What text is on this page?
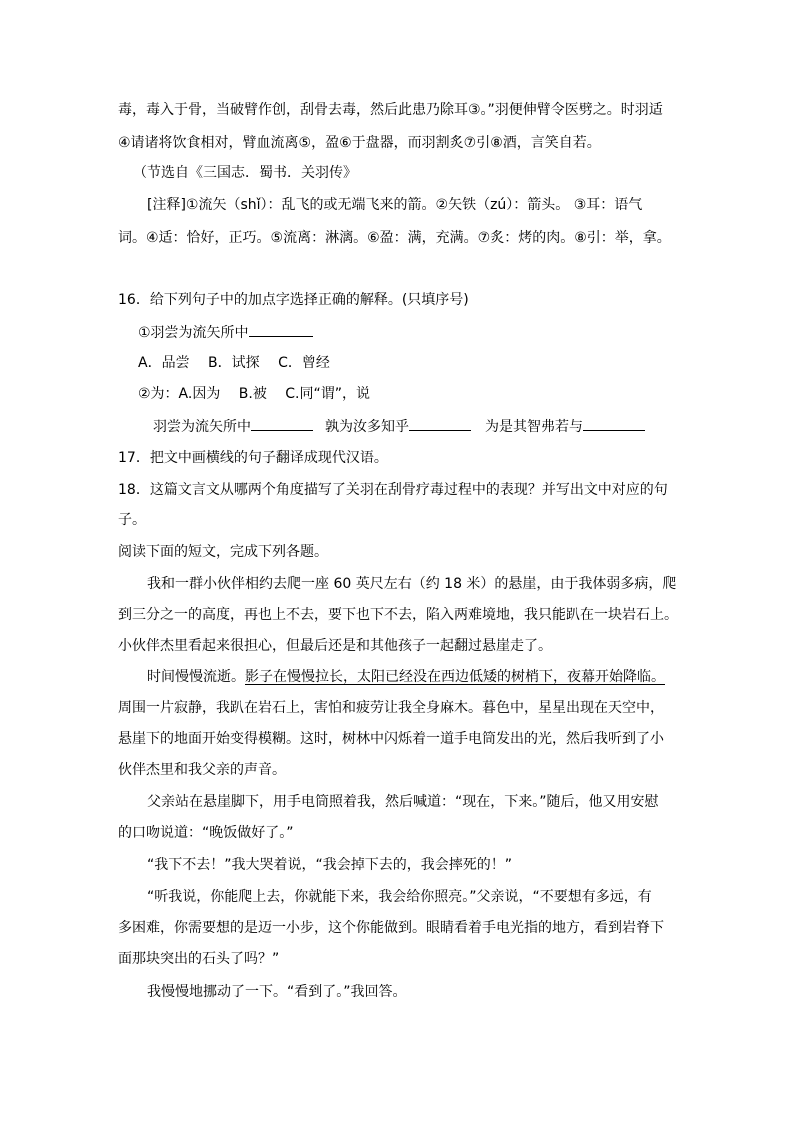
毒，毒入于骨，当破臂作创，刮骨去毒，然后此患乃除耳③。”羽便伸臂令医劈之。时羽适
④请诸将饮食相对，臂血流离⑤，盈⑥于盘器，而羽割炙⑦引⑧酒，言笑自若。
（节选自《三国志．蜀书．关羽传》
[注释]①流矢（shǐ）：乱飞的或无端飞来的箭。②矢铁（zú）：箭头。 ③耳：语气
词。④适：恰好，正巧。⑤流离：淋漓。⑥盈：满，充满。⑦炙：烤的肉。⑧引：举，拿。
16．给下列句子中的加点字选择正确的解释。(只填序号)
①羽尝为流矢所中
A．品尝　 B．试探　 C．曾经
②为：A.因为　 B.被　 C.同“谓”，说
羽尝为流矢所中	孰为汝多知乎	为是其智弗若与
17．把文中画横线的句子翻译成现代汉语。
18．这篇文言文从哪两个角度描写了关羽在刮骨疗毒过程中的表现？并写出文中对应的句
子。
阅读下面的短文，完成下列各题。
我和一群小伙伴相约去爬一座 60 英尺左右（约 18 米）的悬崖，由于我体弱多病，爬
到三分之一的高度，再也上不去，要下也下不去，陷入两难境地，我只能趴在一块岩石上。
小伙伴杰里看起来很担心，但最后还是和其他孩子一起翻过悬崖走了。
时间慢慢流逝。影子在慢慢拉长，太阳已经没在西边低矮的树梢下，夜幕开始降临。
周围一片寂静，我趴在岩石上，害怕和疲劳让我全身麻木。暮色中，星星出现在天空中，
悬崖下的地面开始变得模糊。这时，树林中闪烁着一道手电筒发出的光，然后我听到了小
伙伴杰里和我父亲的声音。
父亲站在悬崖脚下，用手电筒照着我，然后喊道：“现在，下来。”随后，他又用安慰
的口吻说道：“晚饭做好了。”
“我下不去！”我大哭着说，“我会掉下去的，我会摔死的！”
“听我说，你能爬上去，你就能下来，我会给你照亮。”父亲说，“不要想有多远，有
多困难，你需要想的是迈一小步，这个你能做到。眼睛看着手电光指的地方，看到岩脊下
面那块突出的石头了吗？”
我慢慢地挪动了一下。“看到了。”我回答。
